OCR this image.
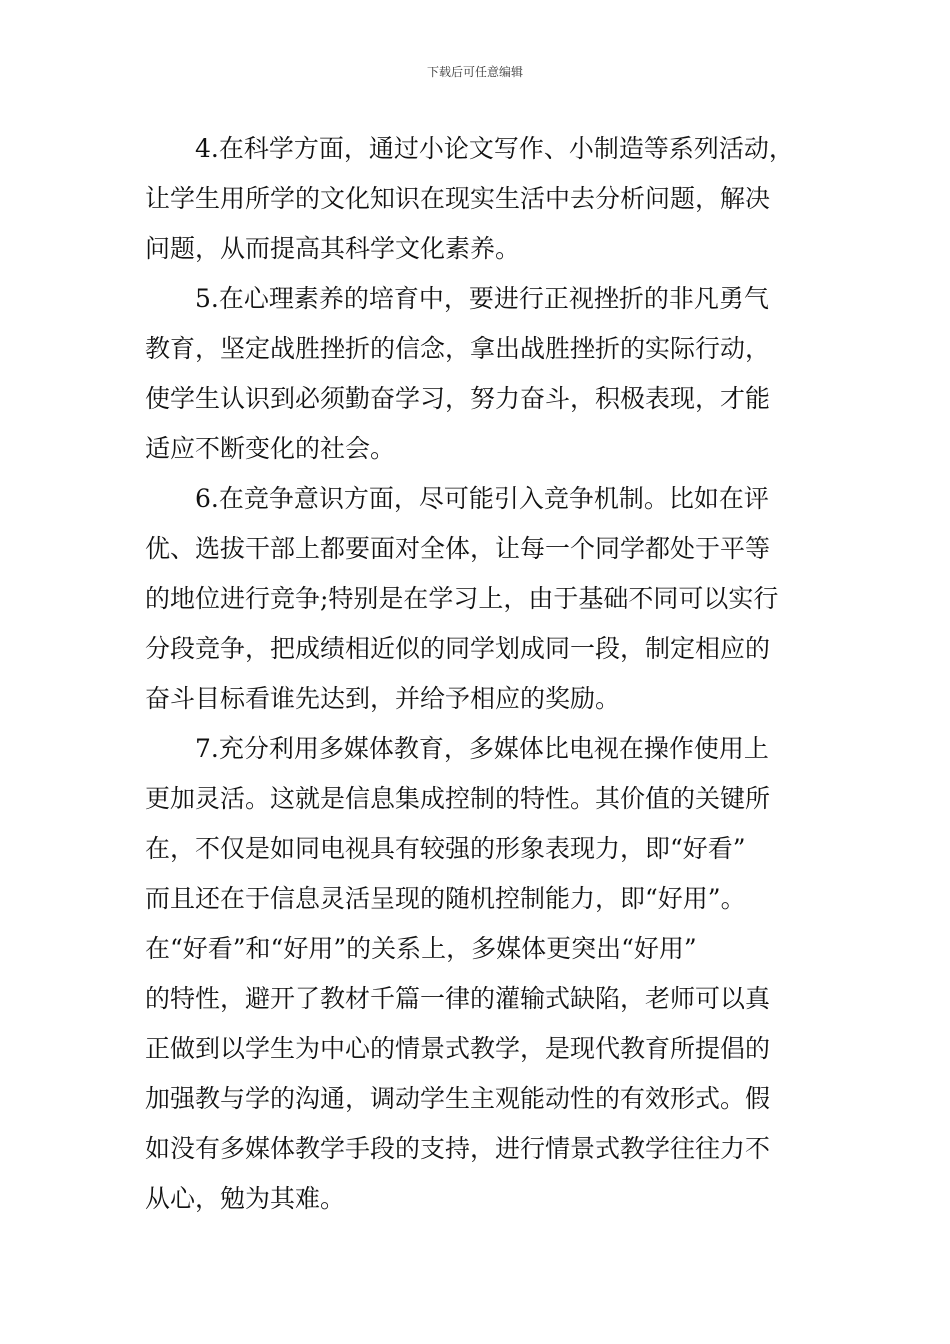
下载后可任意编辑
4.在科学方面，通过小论文写作、小制造等系列活动，
让学生用所学的文化知识在现实生活中去分析问题，解决
问题，从而提高其科学文化素养。
5.在心理素养的培育中，要进行正视挫折的非凡勇气
教育，坚定战胜挫折的信念，拿出战胜挫折的实际行动，
使学生认识到必须勤奋学习，努力奋斗，积极表现，才能
适应不断变化的社会。
6.在竞争意识方面，尽可能引入竞争机制。比如在评
优、选拔干部上都要面对全体，让每一个同学都处于平等
的地位进行竞争;特别是在学习上，由于基础不同可以实行
分段竞争，把成绩相近似的同学划成同一段，制定相应的
奋斗目标看谁先达到，并给予相应的奖励。
7.充分利用多媒体教育，多媒体比电视在操作使用上
更加灵活。这就是信息集成控制的特性。其价值的关键所
在，不仅是如同电视具有较强的形象表现力，即“好看”
而且还在于信息灵活呈现的随机控制能力，即“好用”。
在“好看”和“好用”的关系上，多媒体更突出“好用”
的特性，避开了教材千篇一律的灌输式缺陷，老师可以真
正做到以学生为中心的情景式教学，是现代教育所提倡的
加强教与学的沟通，调动学生主观能动性的有效形式。假
如没有多媒体教学手段的支持，进行情景式教学往往力不
从心，勉为其难。
